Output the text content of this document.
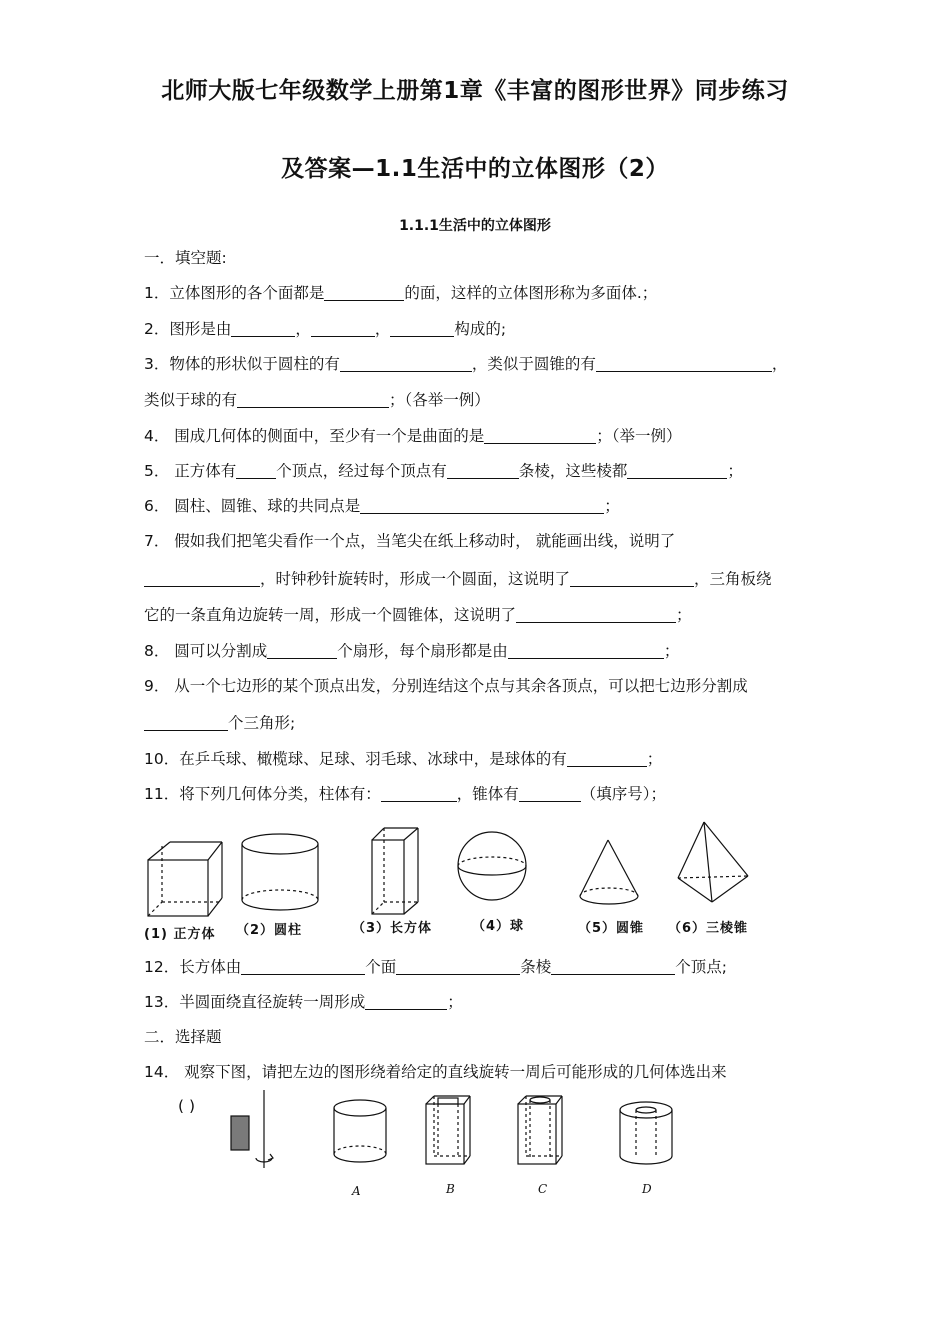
北师大版七年级数学上册第1章《丰富的图形世界》同步练习
及答案—1.1生活中的立体图形（2）
1.1.1生活中的立体图形
一．填空题:
1．立体图形的各个面都是	的面，这样的立体图形称为多面体.；
2．图形是由	，	，	构成的;
3．物体的形状似于圆柱的有	，类似于圆锥的有	，
类似于球的有	；（各举一例）
4． 围成几何体的侧面中，至少有一个是曲面的是	；（举一例）
5． 正方体有	个顶点，经过每个顶点有	条棱，这些棱都	；
6． 圆柱、圆锥、球的共同点是	；
7． 假如我们把笔尖看作一个点，当笔尖在纸上移动时， 就能画出线，说明了
，时钟秒针旋转时，形成一个圆面，这说明了	，三角板绕
它的一条直角边旋转一周，形成一个圆锥体，这说明了	；
8． 圆可以分割成	个扇形，每个扇形都是由	；
9． 从一个七边形的某个顶点出发，分别连结这个点与其余各顶点，可以把七边形分割成
个三角形;
10．在乒乓球、橄榄球、足球、羽毛球、冰球中，是球体的有	；
11．将下列几何体分类，柱体有：	，锥体有	（填序号）；
(1) 正方体 （2）圆柱	（3）长方体	（4）球	（5）圆锥 （6）三棱锥
12．长方体由	个面	条棱	个顶点;
13．半圆面绕直径旋转一周形成	；
二．选择题
14． 观察下图，请把左边的图形绕着给定的直线旋转一周后可能形成的几何体选出来
( )
A	B	C	D
